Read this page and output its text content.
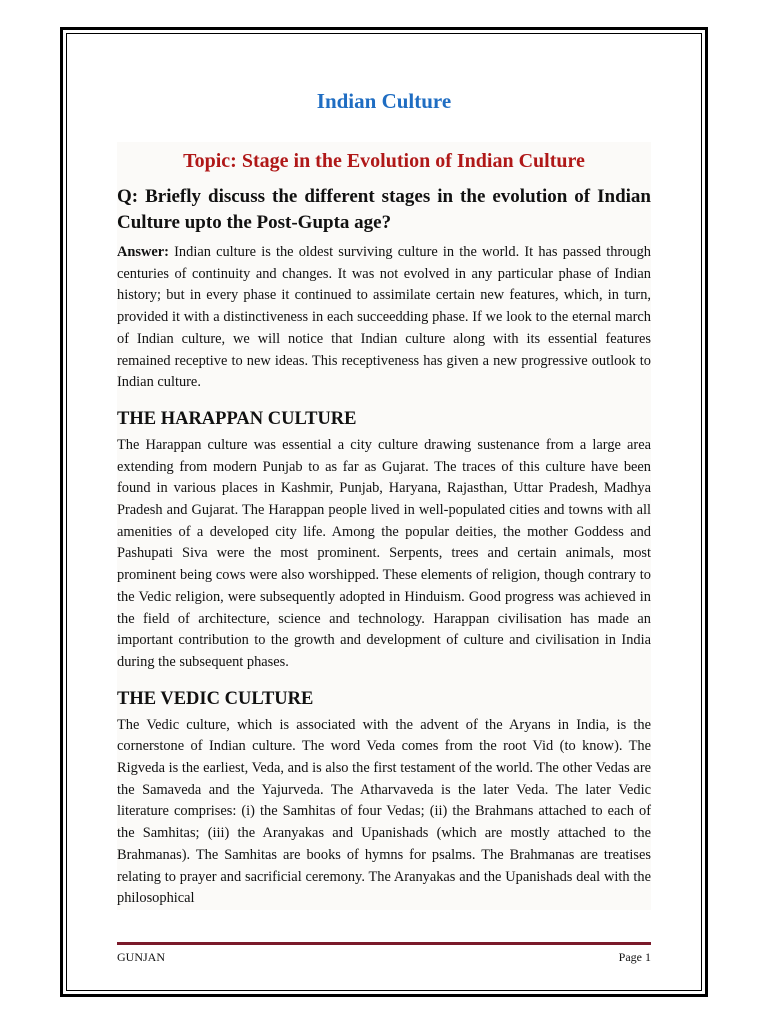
Indian Culture
Topic: Stage in the Evolution of Indian Culture
Q: Briefly discuss the different stages in the evolution of Indian Culture upto the Post-Gupta age?

Answer: Indian culture is the oldest surviving culture in the world. It has passed through centuries of continuity and changes. It was not evolved in any particular phase of Indian history; but in every phase it continued to assimilate certain new features, which, in turn, provided it with a distinctiveness in each succeedding phase. If we look to the eternal march of Indian culture, we will notice that Indian culture along with its essential features remained receptive to new ideas. This receptiveness has given a new progressive outlook to Indian culture.

THE HARAPPAN CULTURE

The Harappan culture was essential a city culture drawing sustenance from a large area extending from modern Punjab to as far as Gujarat. The traces of this culture have been found in various places in Kashmir, Punjab, Haryana, Rajasthan, Uttar Pradesh, Madhya Pradesh and Gujarat. The Harappan people lived in well-populated cities and towns with all amenities of a developed city life. Among the popular deities, the mother Goddess and Pashupati Siva were the most prominent. Serpents, trees and certain animals, most prominent being cows were also worshipped. These elements of religion, though contrary to the Vedic religion, were subsequently adopted in Hinduism. Good progress was achieved in the field of architecture, science and technology. Harappan civilisation has made an important contribution to the growth and development of culture and civilisation in India during the subsequent phases.

THE VEDIC CULTURE

The Vedic culture, which is associated with the advent of the Aryans in India, is the cornerstone of Indian culture. The word Veda comes from the root Vid (to know). The Rigveda is the earliest, Veda, and is also the first testament of the world. The other Vedas are the Samaveda and the Yajurveda. The Atharvaveda is the later Veda. The later Vedic literature comprises: (i) the Samhitas of four Vedas; (ii) the Brahmans attached to each of the Samhitas; (iii) the Aranyakas and Upanishads (which are mostly attached to the Brahmanas). The Samhitas are books of hymns for psalms. The Brahmanas are treatises relating to prayer and sacrificial ceremony. The Aranyakas and the Upanishads deal with the philosophical

GUNJAN	Page 1
